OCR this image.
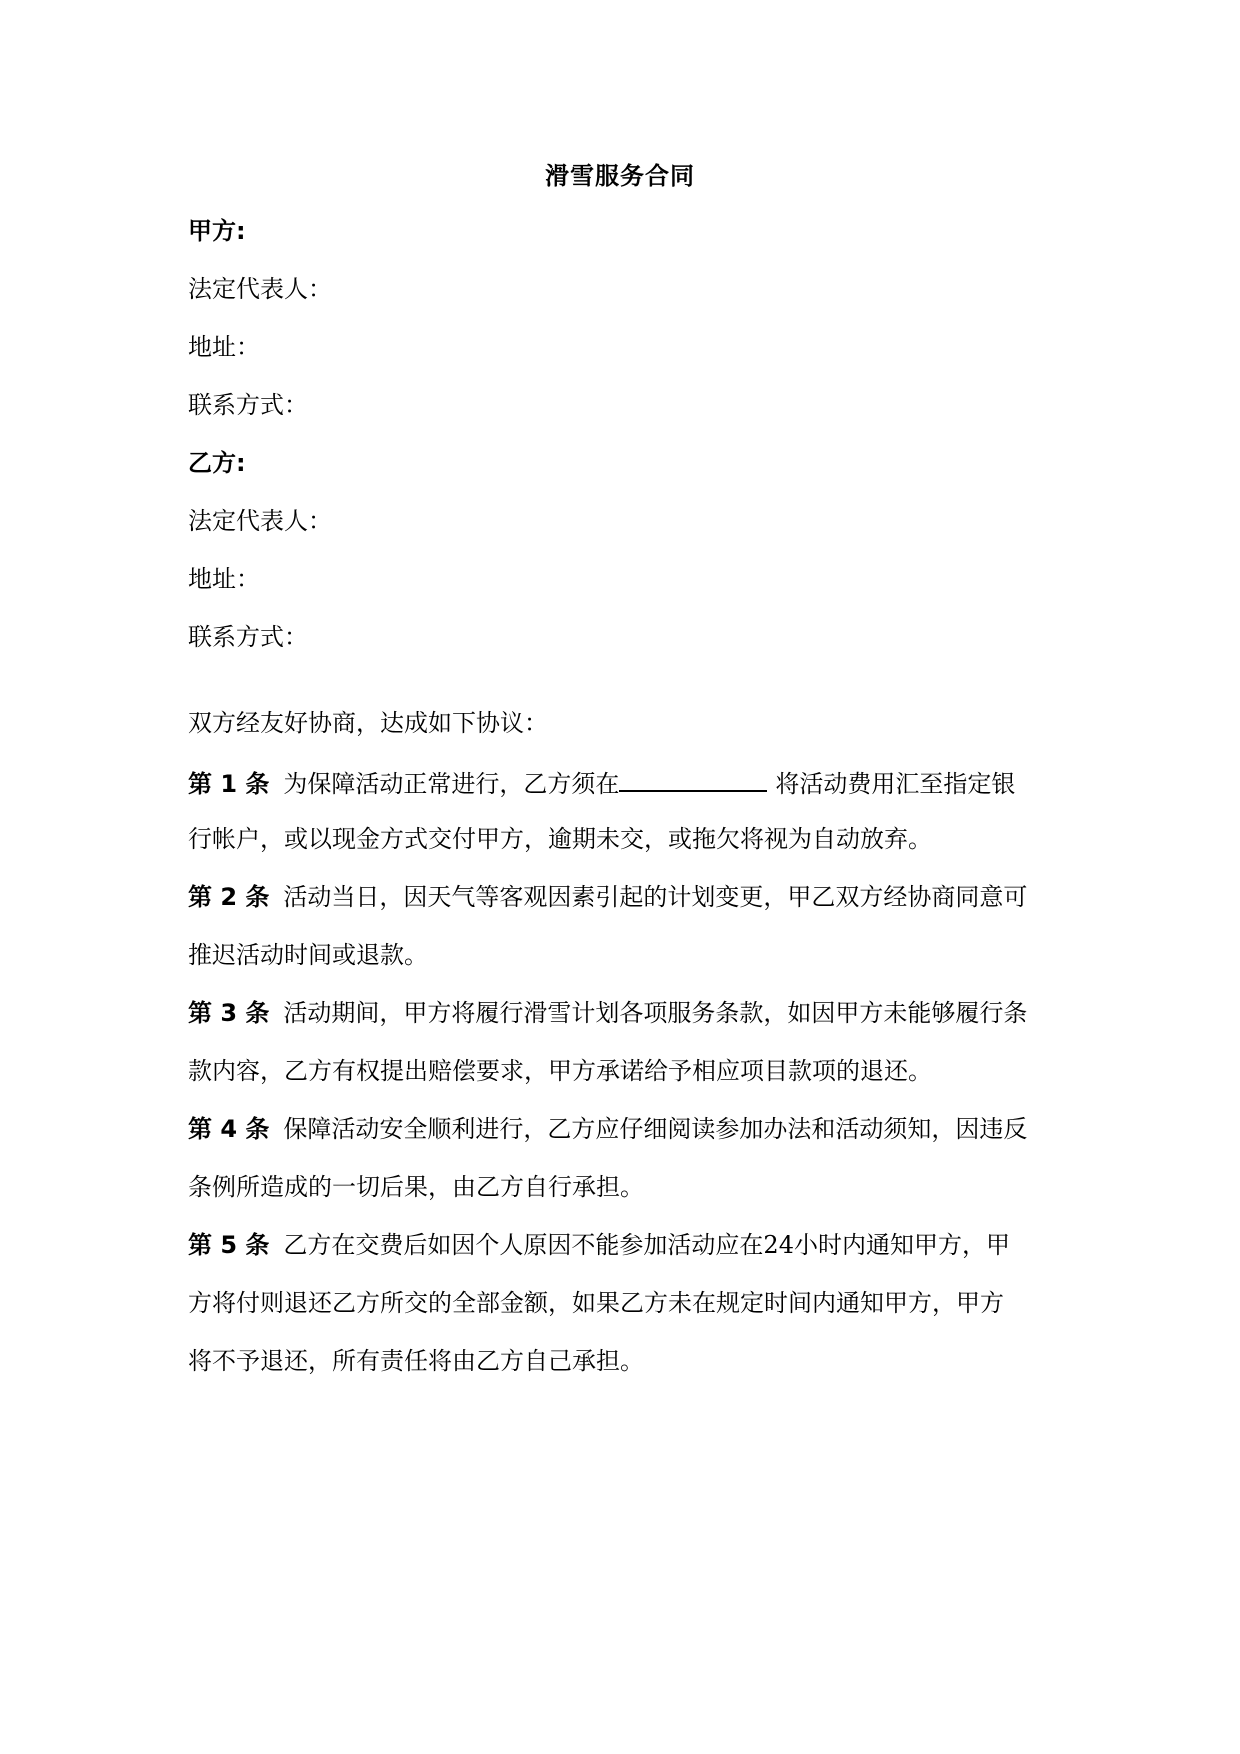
滑雪服务合同
甲方:
法定代表人：
地址：
联系方式：
乙方:
法定代表人：
地址：
联系方式：
双方经友好协商，达成如下协议：
第 1 条 为保障活动正常进行，乙方须在	将活动费用汇至指定银
行帐户，或以现金方式交付甲方，逾期未交，或拖欠将视为自动放弃。
第 2 条 活动当日，因天气等客观因素引起的计划变更，甲乙双方经协商同意可
推迟活动时间或退款。
第 3 条 活动期间，甲方将履行滑雪计划各项服务条款，如因甲方未能够履行条
款内容，乙方有权提出赔偿要求，甲方承诺给予相应项目款项的退还。
第 4 条 保障活动安全顺利进行，乙方应仔细阅读参加办法和活动须知，因违反
条例所造成的一切后果，由乙方自行承担。
第 5 条 乙方在交费后如因个人原因不能参加活动应在24小时内通知甲方，甲
方将付则退还乙方所交的全部金额，如果乙方未在规定时间内通知甲方，甲方
将不予退还，所有责任将由乙方自己承担。
